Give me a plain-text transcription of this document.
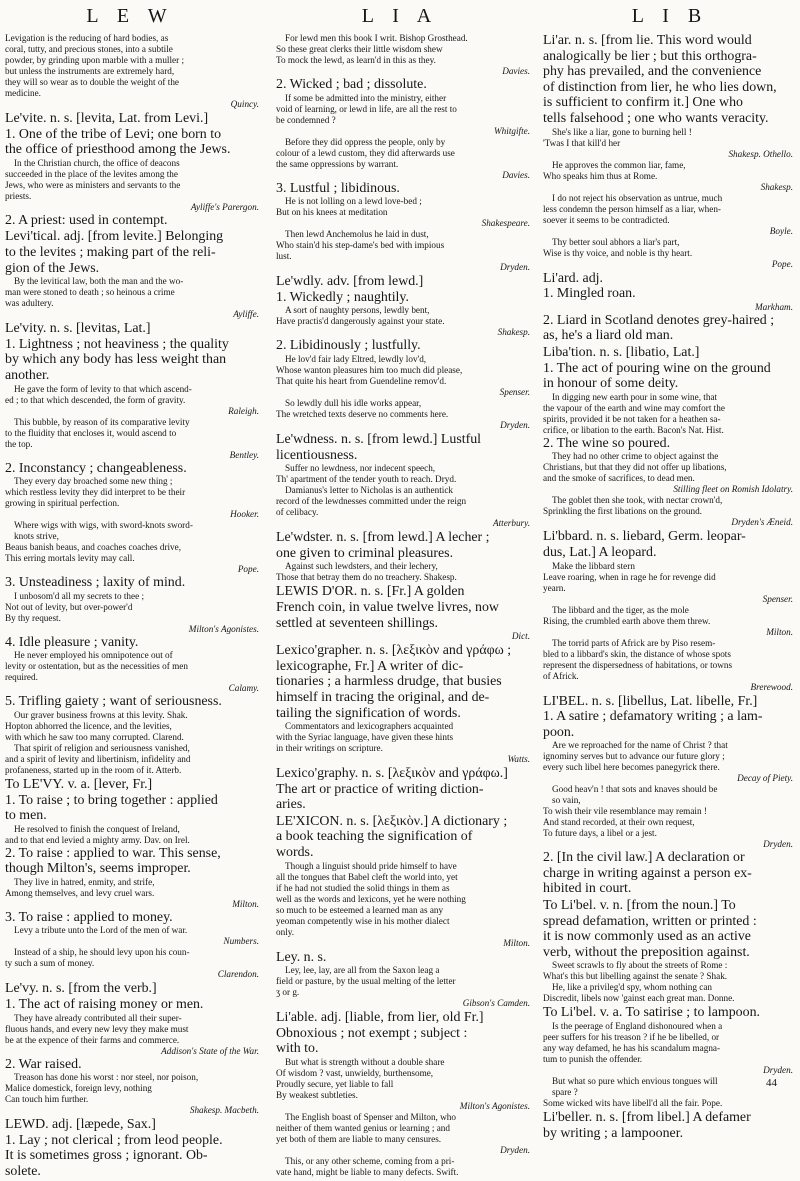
L E W	L I A	L I B
Levigation is the reducing of hard bodies, as
coral, tutty, and precious stones, into a subtile
powder, by grinding upon marble with a muller ;
but unless the instruments are extremely hard,
they will so wear as to double the weight of the
medicine.
Quincy.
Le'vite. n. s. [levita, Lat. from Levi.]
1. One of the tribe of Levi; one born to
the office of priesthood among the Jews.
In the Christian church, the office of deacons
succeeded in the place of the levites among the
Jews, who were as ministers and servants to the
priests.
Ayliffe's Parergon.
2. A priest: used in contempt.
Levi'tical. adj. [from levite.] Belonging
to the levites ; making part of the reli-
gion of the Jews.
By the levitical law, both the man and the wo-
man were stoned to death ; so heinous a crime
was adultery.
Ayliffe.
Le'vity. n. s. [levitas, Lat.]
1. Lightness ; not heaviness ; the quality
by which any body has less weight than
another.
He gave the form of levity to that which ascend-
ed ; to that which descended, the form of gravity.
Raleigh.
This bubble, by reason of its comparative levity
to the fluidity that encloses it, would ascend to
the top.
Bentley.
2. Inconstancy ; changeableness.
They every day broached some new thing ;
which restless levity they did interpret to be their
growing in spiritual perfection.
Hooker.
Where wigs with wigs, with sword-knots sword-
knots strive,
Beaus banish beaus, and coaches coaches drive,
This erring mortals levity may call.
Pope.
3. Unsteadiness ; laxity of mind.
I unbosom'd all my secrets to thee ;
Not out of levity, but over-power'd
By thy request.
Milton's Agonistes.
4. Idle pleasure ; vanity.
He never employed his omnipotence out of
levity or ostentation, but as the necessities of men
required.
Calamy.
5. Trifling gaiety ; want of seriousness.
Our graver business frowns at this levity. Shak.
Hopton abhorred the licence, and the levities,
with which he saw too many corrupted. Clarend.
That spirit of religion and seriousness vanished,
and a spirit of levity and libertinism, infidelity and
profaneness, started up in the room of it. Atterb.
To LE'VY. v. a. [lever, Fr.]
1. To raise ; to bring together : applied
to men.
He resolved to finish the conquest of Ireland,
and to that end levied a mighty army. Dav. on Irel.
2. To raise : applied to war. This sense,
though Milton's, seems improper.
They live in hatred, enmity, and strife,
Among themselves, and levy cruel wars.
Milton.
3. To raise : applied to money.
Levy a tribute unto the Lord of the men of war.
Numbers.
Instead of a ship, he should levy upon his coun-
ty such a sum of money.
Clarendon.
Le'vy. n. s. [from the verb.]
1. The act of raising money or men.
They have already contributed all their super-
fluous hands, and every new levy they make must
be at the expence of their farms and commerce.
Addison's State of the War.
2. War raised.
Treason has done his worst : nor steel, nor poison,
Malice domestick, foreign levy, nothing
Can touch him further.
Shakesp. Macbeth.
LEWD. adj. [læpede, Sax.]
1. Lay ; not clerical ; from leod people.
It is sometimes gross ; ignorant. Ob-
solete.
For lewd men this book I writ. Bishop Grosthead.
So these great clerks their little wisdom shew
To mock the lewd, as learn'd in this as they.
Davies.
2. Wicked ; bad ; dissolute.
If some be admitted into the ministry, either
void of learning, or lewd in life, are all the rest to
be condemned ?
Whitgifte.
Before they did oppress the people, only by
colour of a lewd custom, they did afterwards use
the same oppressions by warrant.
Davies.
3. Lustful ; libidinous.
He is not lolling on a lewd love-bed ;
But on his knees at meditation
Shakespeare.
Then lewd Anchemolus he laid in dust,
Who stain'd his step-dame's bed with impious
lust.
Dryden.
Le'wdly. adv. [from lewd.]
1. Wickedly ; naughtily.
A sort of naughty persons, lewdly bent,
Have practis'd dangerously against your state.
Shakesp.
2. Libidinously ; lustfully.
He lov'd fair lady Eltred, lewdly lov'd,
Whose wanton pleasures him too much did please,
That quite his heart from Guendeline remov'd.
Spenser.
So lewdly dull his idle works appear,
The wretched texts deserve no comments here.
Dryden.
Le'wdness. n. s. [from lewd.] Lustful
licentiousness.
Suffer no lewdness, nor indecent speech,
Th' apartment of the tender youth to reach. Dryd.
Damianus's letter to Nicholas is an authentick
record of the lewdnesses committed under the reign
of celibacy.
Atterbury.
Le'wdster. n. s. [from lewd.] A lecher ;
one given to criminal pleasures.
Against such lewdsters, and their lechery,
Those that betray them do no treachery. Shakesp.
LEWIS D'OR. n. s. [Fr.] A golden
French coin, in value twelve livres, now
settled at seventeen shillings.
Dict.
Lexico'grapher. n. s. [λεξικὸν and γράφω ;
lexicographe, Fr.] A writer of dic-
tionaries ; a harmless drudge, that busies
himself in tracing the original, and de-
tailing the signification of words.
Commentators and lexicographers acquainted
with the Syriac language, have given these hints
in their writings on scripture.
Watts.
Lexico'graphy. n. s. [λεξικὸν and γράφω.]
The art or practice of writing diction-
aries.
LE'XICON. n. s. [λεξικὸν.] A dictionary ;
a book teaching the signification of
words.
Though a linguist should pride himself to have
all the tongues that Babel cleft the world into, yet
if he had not studied the solid things in them as
well as the words and lexicons, yet he were nothing
so much to be esteemed a learned man as any
yeoman competently wise in his mother dialect
only.
Milton.
Ley. n. s.
Ley, lee, lay, are all from the Saxon leag a
field or pasture, by the usual melting of the letter
ʒ or g.
Gibson's Camden.
Li'able. adj. [liable, from lier, old Fr.]
Obnoxious ; not exempt ; subject :
with to.
But what is strength without a double share
Of wisdom ? vast, unwieldy, burthensome,
Proudly secure, yet liable to fall
By weakest subtleties.
Milton's Agonistes.
The English boast of Spenser and Milton, who
neither of them wanted genius or learning ; and
yet both of them are liable to many censures.
Dryden.
This, or any other scheme, coming from a pri-
vate hand, might be liable to many defects. Swift.
Li'ar. n. s. [from lie. This word would
analogically be lier ; but this orthogra-
phy has prevailed, and the convenience
of distinction from lier, he who lies down,
is sufficient to confirm it.] One who
tells falsehood ; one who wants veracity.
She's like a liar, gone to burning hell !
'Twas I that kill'd her
Shakesp. Othello.
He approves the common liar, fame,
Who speaks him thus at Rome.
Shakesp.
I do not reject his observation as untrue, much
less condemn the person himself as a liar, when-
soever it seems to be contradicted.
Boyle.
Thy better soul abhors a liar's part,
Wise is thy voice, and noble is thy heart.
Pope.
Li'ard. adj.
1. Mingled roan.
Markham.
2. Liard in Scotland denotes grey-haired ;
as, he's a liard old man.
Liba'tion. n. s. [libatio, Lat.]
1. The act of pouring wine on the ground
in honour of some deity.
In digging new earth pour in some wine, that
the vapour of the earth and wine may comfort the
spirits, provided it be not taken for a heathen sa-
crifice, or libation to the earth. Bacon's Nat. Hist.
2. The wine so poured.
They had no other crime to object against the
Christians, but that they did not offer up libations,
and the smoke of sacrifices, to dead men.
Stilling fleet on Romish Idolatry.
The goblet then she took, with nectar crown'd,
Sprinkling the first libations on the ground.
Dryden's Æneid.
Li'bbard. n. s. liebard, Germ. leopar-
dus, Lat.] A leopard.
Make the libbard stern
Leave roaring, when in rage he for revenge did
yearn.
Spenser.
The libbard and the tiger, as the mole
Rising, the crumbled earth above them threw.
Milton.
The torrid parts of Africk are by Piso resem-
bled to a libbard's skin, the distance of whose spots
represent the dispersedness of habitations, or towns
of Africk.
Brerewood.
LI'BEL. n. s. [libellus, Lat. libelle, Fr.]
1. A satire ; defamatory writing ; a lam-
poon.
Are we reproached for the name of Christ ? that
ignominy serves but to advance our future glory ;
every such libel here becomes panegyrick there.
Decay of Piety.
Good heav'n ! that sots and knaves should be
so vain,
To wish their vile resemblance may remain !
And stand recorded, at their own request,
To future days, a libel or a jest.
Dryden.
2. [In the civil law.] A declaration or
charge in writing against a person ex-
hibited in court.
To Li'bel. v. n. [from the noun.] To
spread defamation, written or printed :
it is now commonly used as an active
verb, without the preposition against.
Sweet scrawls to fly about the streets of Rome :
What's this but libelling against the senate ? Shak.
He, like a privileg'd spy, whom nothing can
Discredit, libels now 'gainst each great man. Donne.
To Li'bel. v. a. To satirise ; to lampoon.
Is the peerage of England dishonoured when a
peer suffers for his treason ? if he be libelled, or
any way defamed, he has his scandalum magna-
tum to punish the offender.
Dryden.
But what so pure which envious tongues will
spare ?
Some wicked wits have libell'd all the fair. Pope.
Li'beller. n. s. [from libel.] A defamer
by writing ; a lampooner.
44
